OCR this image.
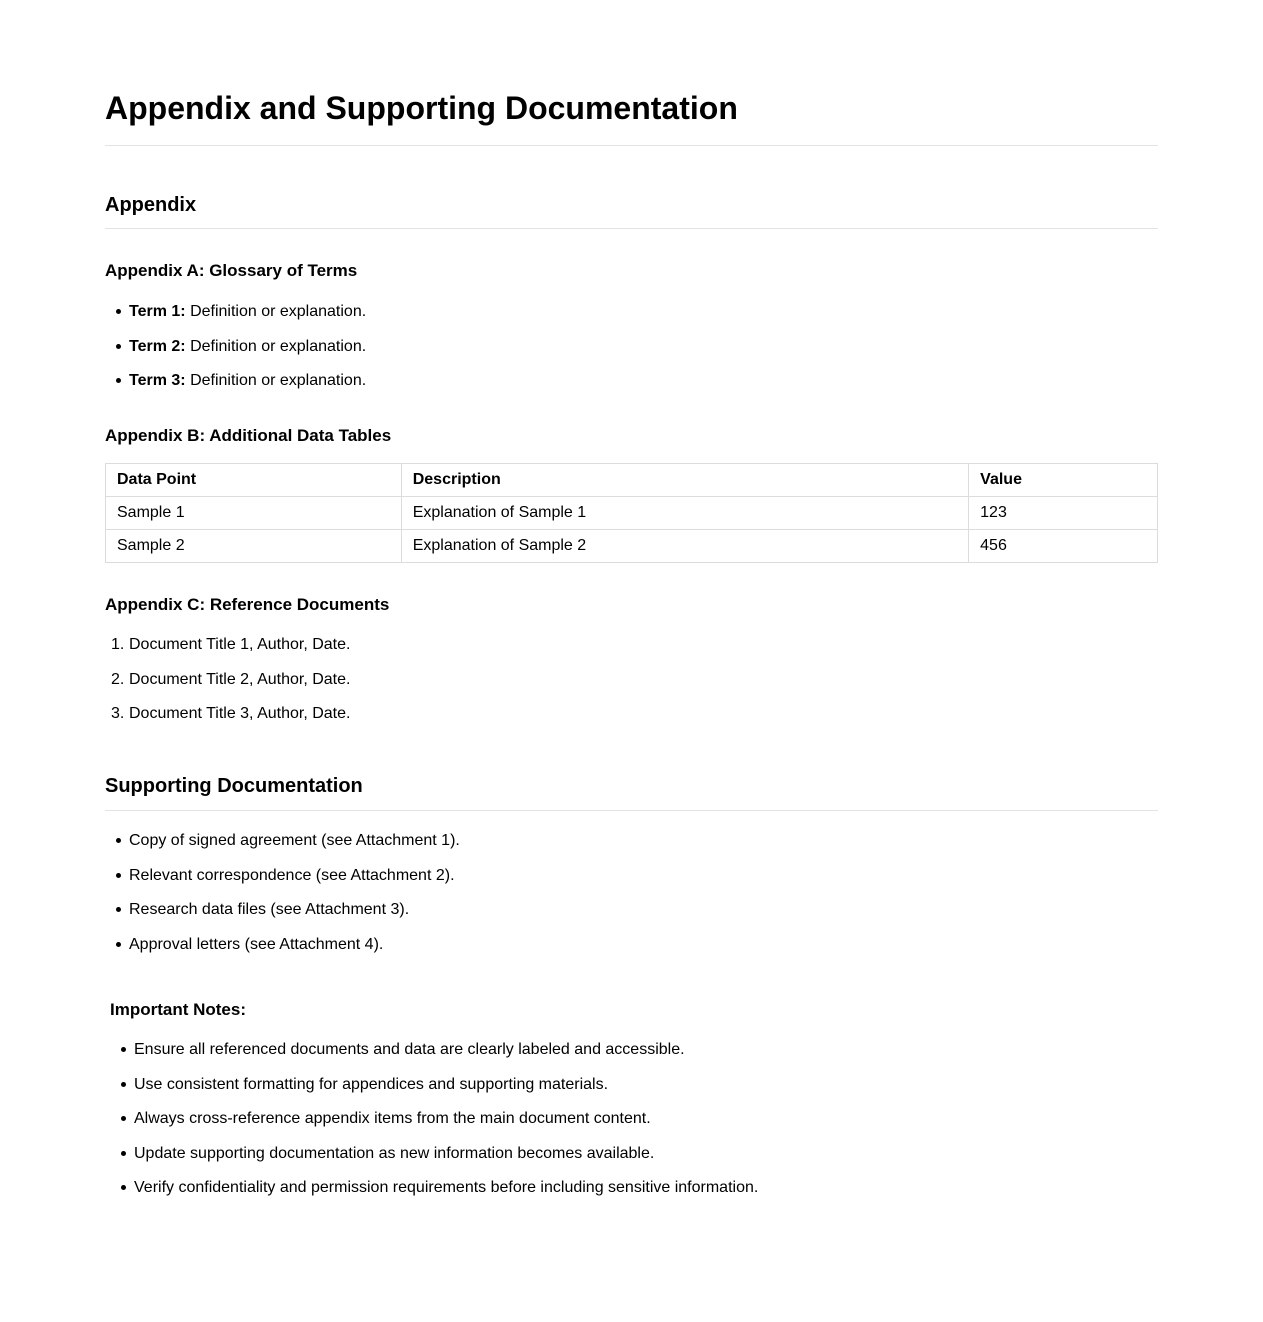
Appendix and Supporting Documentation
Appendix
Appendix A: Glossary of Terms
Term 1: Definition or explanation.
Term 2: Definition or explanation.
Term 3: Definition or explanation.
Appendix B: Additional Data Tables
Data Point	Description	Value
Sample 1	Explanation of Sample 1	123
Sample 2	Explanation of Sample 2	456
Appendix C: Reference Documents
1. Document Title 1, Author, Date.
2. Document Title 2, Author, Date.
3. Document Title 3, Author, Date.
Supporting Documentation
Copy of signed agreement (see Attachment 1).
Relevant correspondence (see Attachment 2).
Research data files (see Attachment 3).
Approval letters (see Attachment 4).
Important Notes:
Ensure all referenced documents and data are clearly labeled and accessible.
Use consistent formatting for appendices and supporting materials.
Always cross-reference appendix items from the main document content.
Update supporting documentation as new information becomes available.
Verify confidentiality and permission requirements before including sensitive information.
